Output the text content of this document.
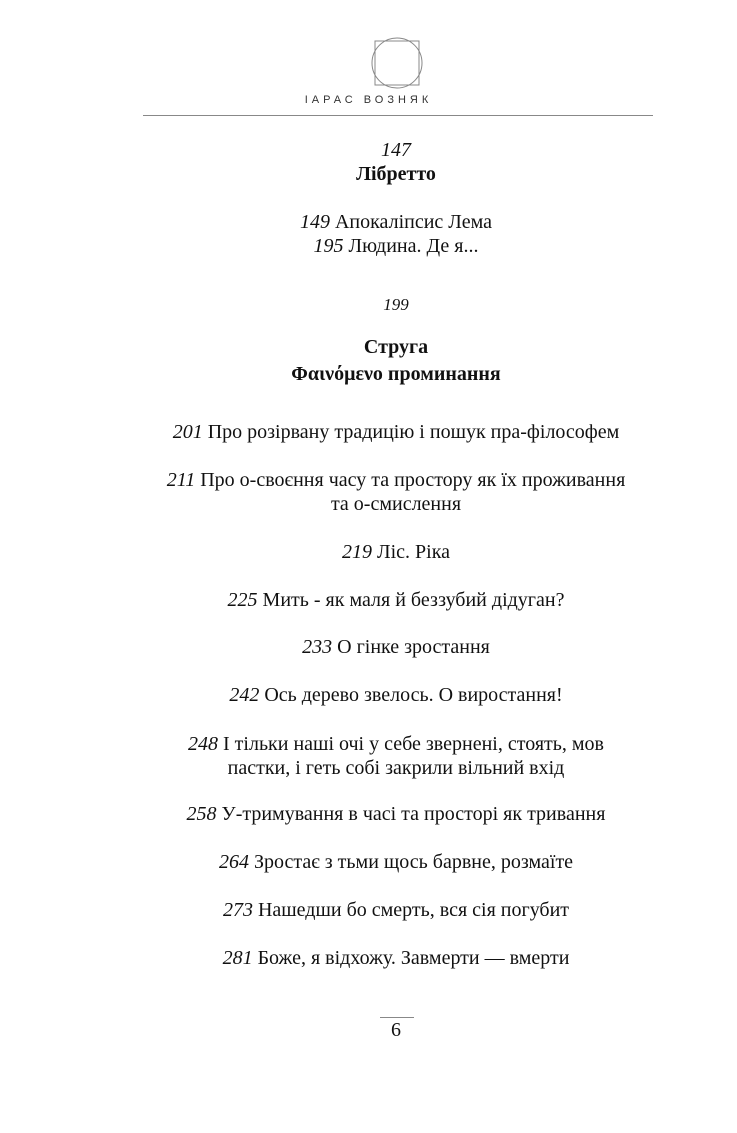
ІАРАС ВОЗНЯК
147
Лібретто
149 Апокаліпсис Лема
195 Людина. Де я...
199
Струга
Φαινόμενο проминання
201 Про розірвану традицію і пошук пра-філософем
211 Про о-своєння часу та простору як їх проживання
та о-смислення
219 Ліс. Ріка
225 Мить - як маля й беззубий дідуган?
233 О гінке зростання
242 Ось дерево звелось. О виростання!
248 І тільки наші очі у себе звернені, стоять, мов
пастки, і геть собі закрили вільний вхід
258 У-тримування в часі та просторі як тривання
264 Зростає з тьми щось барвне, розмаїте
273 Нашедши бо смерть, вся сія погубит
281 Боже, я відхожу. Завмерти — вмерти
6
